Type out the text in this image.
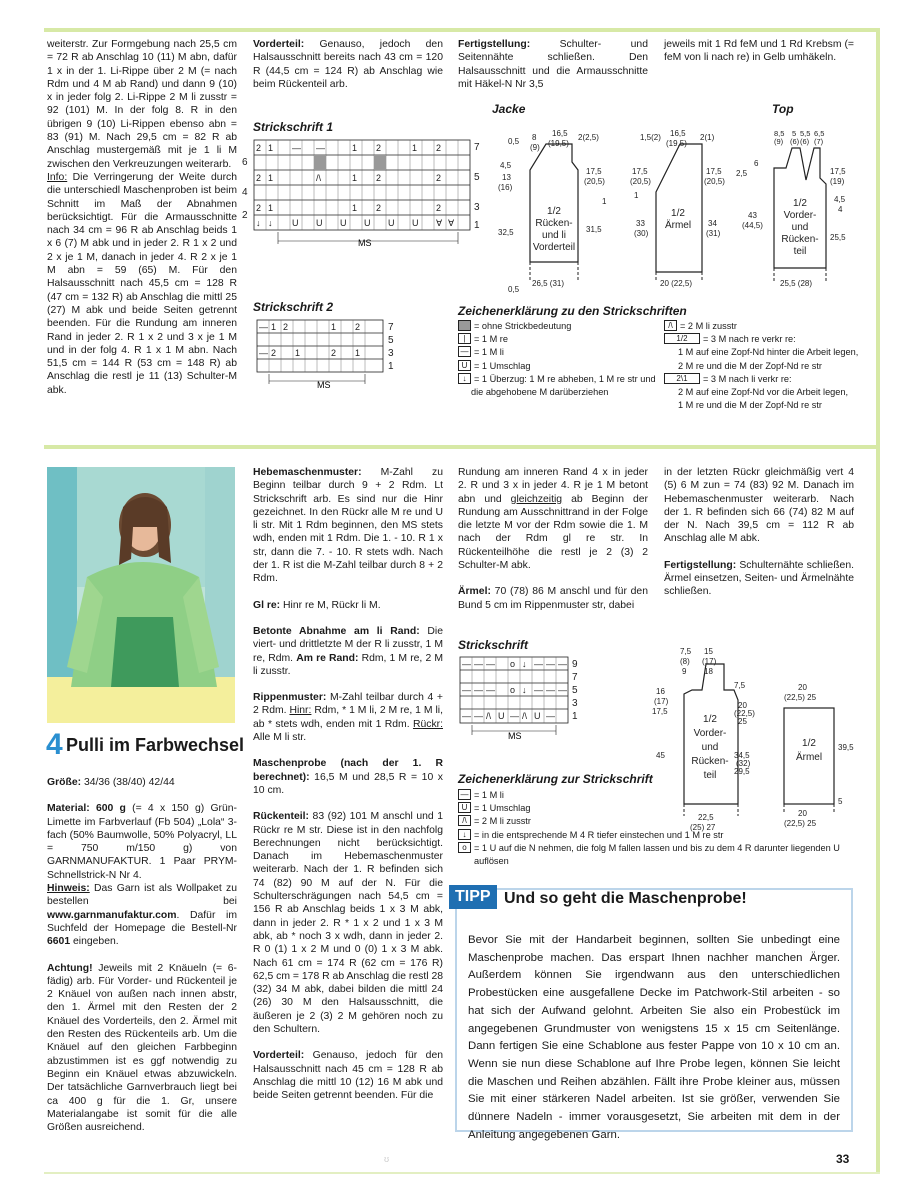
weiterstr. Zur Formgebung nach 25,5 cm = 72 R ab Anschlag 10 (11) M abn, dafür 1 x in der 1. Li-Rippe über 2 M (= nach Rdm und 4 M ab Rand) und dann 9 (10) x in jeder folg 2. Li-Rippe 2 M li zusstr = 92 (101) M. In der folg 8. R in den übrigen 9 (10) Li-Rippen ebenso abn = 83 (91) M. Nach 29,5 cm = 82 R ab Anschlag mustergemäß mit je 1 li M zwischen den Verkreuzungen weiterarb.
Info: Die Verringerung der Weite durch die unterschiedl Maschenproben ist beim Schnitt im Maß der Abnahmen berücksichtigt. Für die Armausschnitte nach 34 cm = 96 R ab Anschlag beids 1 x 6 (7) M abk und in jeder 2. R 1 x 2 und 2 x je 1 M, danach in jeder 4. R 2 x je 1 M abn = 59 (65) M. Für den Halsausschnitt nach 45,5 cm = 128 R (47 cm = 132 R) ab Anschlag die mittl 25 (27) M abk und beide Seiten getrennt beenden. Für die Rundung am inneren Rand in jeder 2. R 1 x 2 und 3 x je 1 M und in der folg 4. R 1 x 1 M abn. Nach 51,5 cm = 144 R (53 cm = 148 R) ab Anschlag die restl je 11 (13) Schulter-M abk.
Vorderteil: Genauso, jedoch den Halsausschnitt bereits nach 43 cm = 120 R (44,5 cm = 124 R) ab Anschlag wie beim Rückenteil arb.
Fertigstellung: Schulter- und Seitennähte schließen. Den Halsausschnitt und die Armausschnitte mit Häkel-N Nr 3,5
jeweils mit 1 Rd feM und 1 Rd Krebsm (= feM von li nach re) in Gelb umhäkeln.
Strickschrift 1
2 1 — —	1 2	1 2
2 1	/\	1 2	2
2 1	1 2	2
↓ ↓ U U U U U U ∀ ∀
7
5
3
1
6
4
2
MS
Strickschrift 2
— 1 2	1 2
— 2 1	2 1
7
5
3
1
MS
Jacke
0,5 8
(9)
16,5
(19,5)
2(2,5)
4,5
13
(16)
32,5
17,5
(20,5)
1
31,5
0,5
26,5 (31)
1/2
Rücken-
und li
Vorderteil
1,5(2) 16,5
(19,5)
2(1)
17,5
(20,5)
1
33
(30)
17,5
(20,5)
34
(31)
20 (22,5)
1/2
Ärmel
Top
8,5
(9)
5
(6)
5,5
(6)
6,5
(7)
6
2,5
43
(44,5)
17,5
(19)
4,5
4
25,5
25,5 (28)
1/2
Vorder-
und
Rücken-
teil
Zeichenerklärung zu den Strickschriften
= ohne Strickbedeutung
| = 1 M re
— = 1 M li
U = 1 Umschlag
↓ = 1 Überzug: 1 M re abheben, 1 M re str und
die abgehobene M darüberziehen
/\ = 2 M li zusstr
1/2	= 3 M nach re verkr re:
1 M auf eine Zopf-Nd hinter die Arbeit legen,
2 M re und die M der Zopf-Nd re str
2\1	= 3 M nach li verkr re:
2 M auf eine Zopf-Nd vor die Arbeit legen,
1 M re und die M der Zopf-Nd re str
4 Pulli im Farbwechsel

Größe: 34/36 (38/40) 42/44

Material: 600 g (= 4 x 150 g) Grün-Limette im Farbverlauf (Fb 504) „Lola“ 3-fach (50% Baumwolle, 50% Polyacryl, LL = 750 m/150 g) von GARNMANUFAKTUR. 1 Paar PRYM-Schnellstrick-N Nr 4.
Hinweis: Das Garn ist als Wollpaket zu bestellen bei www.garnmanufaktur.com. Dafür im Suchfeld der Homepage die Bestell-Nr 6601 eingeben.

Achtung! Jeweils mit 2 Knäueln (= 6-fädig) arb. Für Vorder- und Rückenteil je 2 Knäuel von außen nach innen abstr, den 1. Ärmel mit den Resten der 2 Knäuel des Vorderteils, den 2. Ärmel mit den Resten des Rückenteils arb. Um die Knäuel auf den gleichen Farbbeginn abzustimmen ist es ggf notwendig zu Beginn ein Knäuel etwas abzuwickeln. Der tatsächliche Garnverbrauch liegt bei ca 400 g für die 1. Gr, unsere Materialangabe ist somit für die alle Größen ausreichend.

Hebemaschenmuster: M-Zahl zu Beginn teilbar durch 9 + 2 Rdm. Lt Strickschrift arb. Es sind nur die Hinr gezeichnet. In den Rückr alle M re und U li str. Mit 1 Rdm beginnen, den MS stets wdh, enden mit 1 Rdm. Die 1. - 10. R 1 x str, dann die 7. - 10. R stets wdh. Nach der 1. R ist die M-Zahl teilbar durch 8 + 2 Rdm.

Gl re: Hinr re M, Rückr li M.

Betonte Abnahme am li Rand: Die viert- und drittletzte M der R li zusstr, 1 M re, Rdm. Am re Rand: Rdm, 1 M re, 2 M li zusstr.

Rippenmuster: M-Zahl teilbar durch 4 + 2 Rdm. Hinr: Rdm, * 1 M li, 2 M re, 1 M li, ab * stets wdh, enden mit 1 Rdm. Rückr: Alle M li str.

Maschenprobe (nach der 1. R berechnet): 16,5 M und 28,5 R = 10 x 10 cm.

Rückenteil: 83 (92) 101 M anschl und 1 Rückr re M str. Diese ist in den nachfolg Berechnungen nicht berücksichtigt. Danach im Hebemaschenmuster weiterarb. Nach der 1. R befinden sich 74 (82) 90 M auf der N. Für die Schulterschrägungen nach 54,5 cm = 156 R ab Anschlag beids 1 x 3 M abk, dann in jeder 2. R * 1 x 2 und 1 x 3 M abk, ab * noch 3 x wdh, dann in jeder 2. R 0 (1) 1 x 2 M und 0 (0) 1 x 3 M abk. Nach 61 cm = 174 R (62 cm = 176 R) 62,5 cm = 178 R ab Anschlag die restl 28 (32) 34 M abk, dabei bilden die mittl 24 (26) 30 M den Halsausschnitt, die äußeren je 2 (3) 2 M gehören noch zu den Schultern.

Vorderteil: Genauso, jedoch für den Halsausschnitt nach 45 cm = 128 R ab Anschlag die mittl 10 (12) 16 M abk und beide Seiten getrennt beenden. Für die

Rundung am inneren Rand 4 x in jeder 2. R und 3 x in jeder 4. R je 1 M betont abn und gleichzeitig ab Beginn der Rundung am Ausschnittrand in der Folge die letzte M vor der Rdm sowie die 1. M nach der Rdm gl re str. In Rückenteilhöhe die restl je 2 (3) 2 Schulter-M abk.

Ärmel: 70 (78) 86 M anschl und für den Bund 5 cm im Rippenmuster str, dabei

in der letzten Rückr gleichmäßig vert 4 (5) 6 M zun = 74 (83) 92 M. Danach im Hebemaschenmuster weiterarb. Nach der 1. R befinden sich 66 (74) 82 M auf der N. Nach 39,5 cm = 112 R ab Anschlag alle M abk.

Fertigstellung: Schulternähte schließen. Ärmel einsetzen, Seiten- und Ärmelnähte schließen.

Strickschrift
— — — o ↓ — — —
— — — o ↓ — — —
— — /\ U — /\ U —
9
7
5
3
1
MS
7,5 15
(8) (17)
9 18
16
(17)
17,5
45
7,5
20
(22,5)
25
34,5
(32)
29,5
22,5
(25) 27
1/2
Vorder-
und
Rücken-
teil
20
(22,5) 25
39,5
5
20
(22,5) 25
1/2
Ärmel
Zeichenerklärung zur Strickschrift
— = 1 M li
U = 1 Umschlag
/\ = 2 M li zusstr
↓ = in die entsprechende M 4 R tiefer einstechen und 1 M re str
o = 1 U auf die N nehmen, die folg M fallen lassen und bis zu dem 4 R darunter liegenden U auflösen
TIPP Und so geht die Maschenprobe!
Bevor Sie mit der Handarbeit beginnen, sollten Sie unbedingt eine Maschenprobe machen. Das erspart Ihnen nachher manchen Ärger. Außerdem können Sie irgendwann aus den unterschiedlichen Probestücken eine ausgefallene Decke im Patchwork-Stil arbeiten - so hat sich der Aufwand gelohnt. Arbeiten Sie also ein Probestück im angegebenen Grundmuster von wenigstens 15 x 15 cm Seitenlänge. Dann fertigen Sie eine Schablone aus fester Pappe von 10 x 10 cm an. Wenn sie nun diese Schablone auf Ihre Probe legen, können Sie leicht die Maschen und Reihen abzählen. Fällt ihre Probe kleiner aus, müssen Sie mit einer stärkeren Nadel arbeiten. Ist sie größer, verwenden Sie dünnere Nadeln - immer vorausgesetzt, Sie arbeiten mit dem in der Anleitung angegebenen Garn.
ʊ	33
